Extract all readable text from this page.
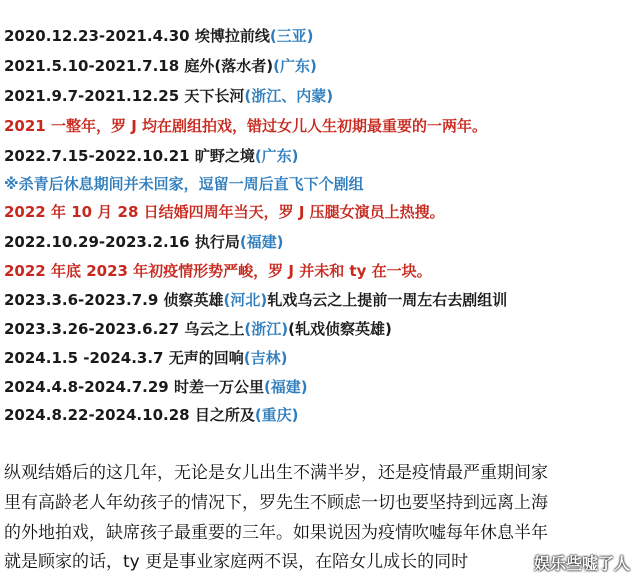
2020.12.23-2021.4.30 埃博拉前线(三亚)
2021.5.10-2021.7.18 庭外(落水者)(广东)
2021.9.7-2021.12.25 天下长河(浙江、内蒙)
2021 一整年，罗 J 均在剧组拍戏，错过女儿人生初期最重要的一两年。
2022.7.15-2022.10.21 旷野之境(广东)
※杀青后休息期间并未回家，逗留一周后直飞下个剧组
2022 年 10 月 28 日结婚四周年当天，罗 J 压腿女演员上热搜。
2022.10.29-2023.2.16 执行局(福建)
2022 年底 2023 年初疫情形势严峻，罗 J 并未和 ty 在一块。
2023.3.6-2023.7.9 侦察英雄(河北)轧戏乌云之上提前一周左右去剧组训
2023.3.26-2023.6.27 乌云之上(浙江)(轧戏侦察英雄)
2024.1.5 -2024.3.7 无声的回响(吉林)
2024.4.8-2024.7.29 时差一万公里(福建)
2024.8.22-2024.10.28 目之所及(重庆)
纵观结婚后的这几年，无论是女儿出生不满半岁，还是疫情最严重期间家
里有高龄老人年幼孩子的情况下，罗先生不顾虑一切也要坚持到远离上海
的外地拍戏，缺席孩子最重要的三年。如果说因为疫情吹嘘每年休息半年
就是顾家的话，ty 更是事业家庭两不误，在陪女儿成长的同时	娱乐些嘘了人
